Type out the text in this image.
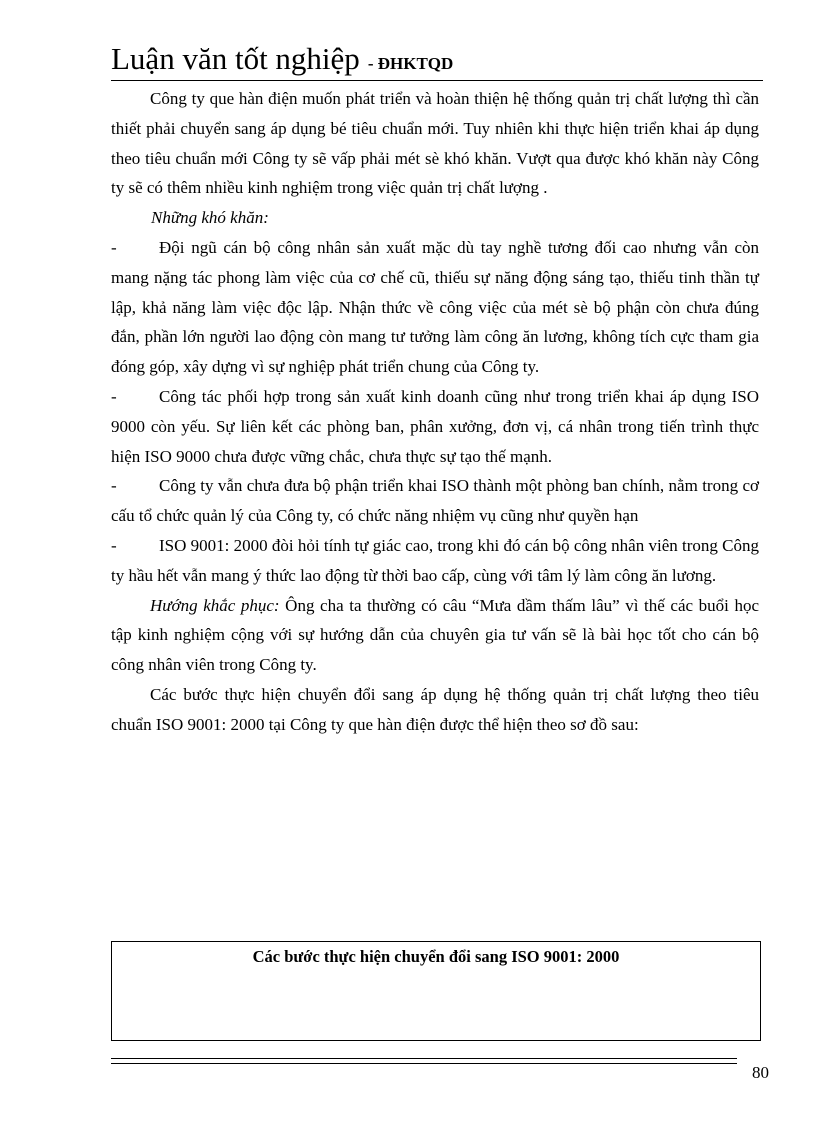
Luận văn tốt nghiệp - ĐHKTQD

Công ty que hàn điện muốn phát triển và hoàn thiện hệ thống quản trị chất lượng thì cần thiết phải chuyển sang áp dụng bé tiêu chuẩn mới. Tuy nhiên khi thực hiện triển khai áp dụng theo tiêu chuẩn mới Công ty sẽ vấp phải mét sè khó khăn. Vượt qua được khó khăn này Công ty sẽ có thêm nhiều kinh nghiệm trong việc quản trị chất lượng .

Những khó khăn:

- Đội ngũ cán bộ công nhân sản xuất mặc dù tay nghề tương đối cao nhưng vẫn còn mang nặng tác phong làm việc của cơ chế cũ, thiếu sự năng động sáng tạo, thiếu tinh thần tự lập, khả năng làm việc độc lập. Nhận thức về công việc của mét sè bộ phận còn chưa đúng đắn, phần lớn người lao động còn mang tư tưởng làm công ăn lương, không tích cực tham gia đóng góp, xây dựng vì sự nghiệp phát triển chung của Công ty.

- Công tác phối hợp trong sản xuất kinh doanh cũng như trong triển khai áp dụng ISO 9000 còn yếu. Sự liên kết các phòng ban, phân xưởng, đơn vị, cá nhân trong tiến trình thực hiện ISO 9000 chưa được vững chắc, chưa thực sự tạo thế mạnh.

- Công ty vẫn chưa đưa bộ phận triển khai ISO thành một phòng ban chính, nằm trong cơ cấu tổ chức quản lý của Công ty, có chức năng nhiệm vụ cũng như quyền hạn

- ISO 9001: 2000 đòi hỏi tính tự giác cao, trong khi đó cán bộ công nhân viên trong Công ty hầu hết vẫn mang ý thức lao động từ thời bao cấp, cùng với tâm lý làm công ăn lương.

Hướng khắc phục: Ông cha ta thường có câu “Mưa dầm thấm lâu” vì thế các buổi học tập kinh nghiệm cộng với sự hướng dẫn của chuyên gia tư vấn sẽ là bài học tốt cho cán bộ công nhân viên trong Công ty.

Các bước thực hiện chuyển đổi sang áp dụng hệ thống quản trị chất lượng theo tiêu chuẩn ISO 9001: 2000 tại Công ty que hàn điện được thể hiện theo sơ đồ sau:

Các bước thực hiện chuyển đổi sang ISO 9001: 2000
80
